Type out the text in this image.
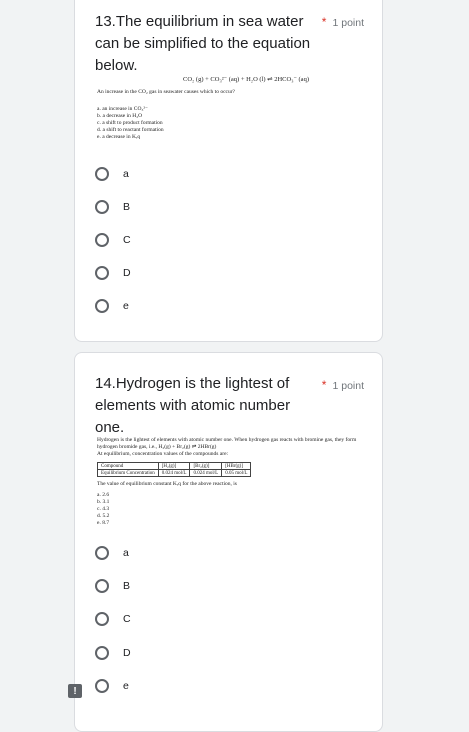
13.The equilibrium in sea water can be simplified to the equation below.
* 1 point
CO₂ (g) + CO₃²⁻ (aq) + H₂O (l) ⇌ 2HCO₃⁻ (aq)
An increase in the CO₂ gas in seawater causes which to occur?
a. an increase in CO₃²⁻
b. a decrease in H₂O
c. a shift to product formation
d. a shift to reactant formation
e. a decrease in Kₑq
a
B
C
D
e
14.Hydrogen is the lightest of elements with atomic number one.
* 1 point
Hydrogen is the lightest of elements with atomic number one. When hydrogen gas reacts with bromine gas, they form hydrogen bromide gas, i.e., H₂(g) + Br₂(g) ⇌ 2HBr(g)
At equilibrium, concentration values of the compounds are:
Compound	[H₂(g)]	[Br₂(g)]	[HBr(g)]
Equilibrium Concentration	0.024 mol/L	0.024 mol/L	0.05 mol/L
The value of equilibrium constant Kₑq for the above reaction, is
a. 2.6
b. 3.1
c. 4.3
d. 5.2
e. 8.7
a
B
C
D
e
!
